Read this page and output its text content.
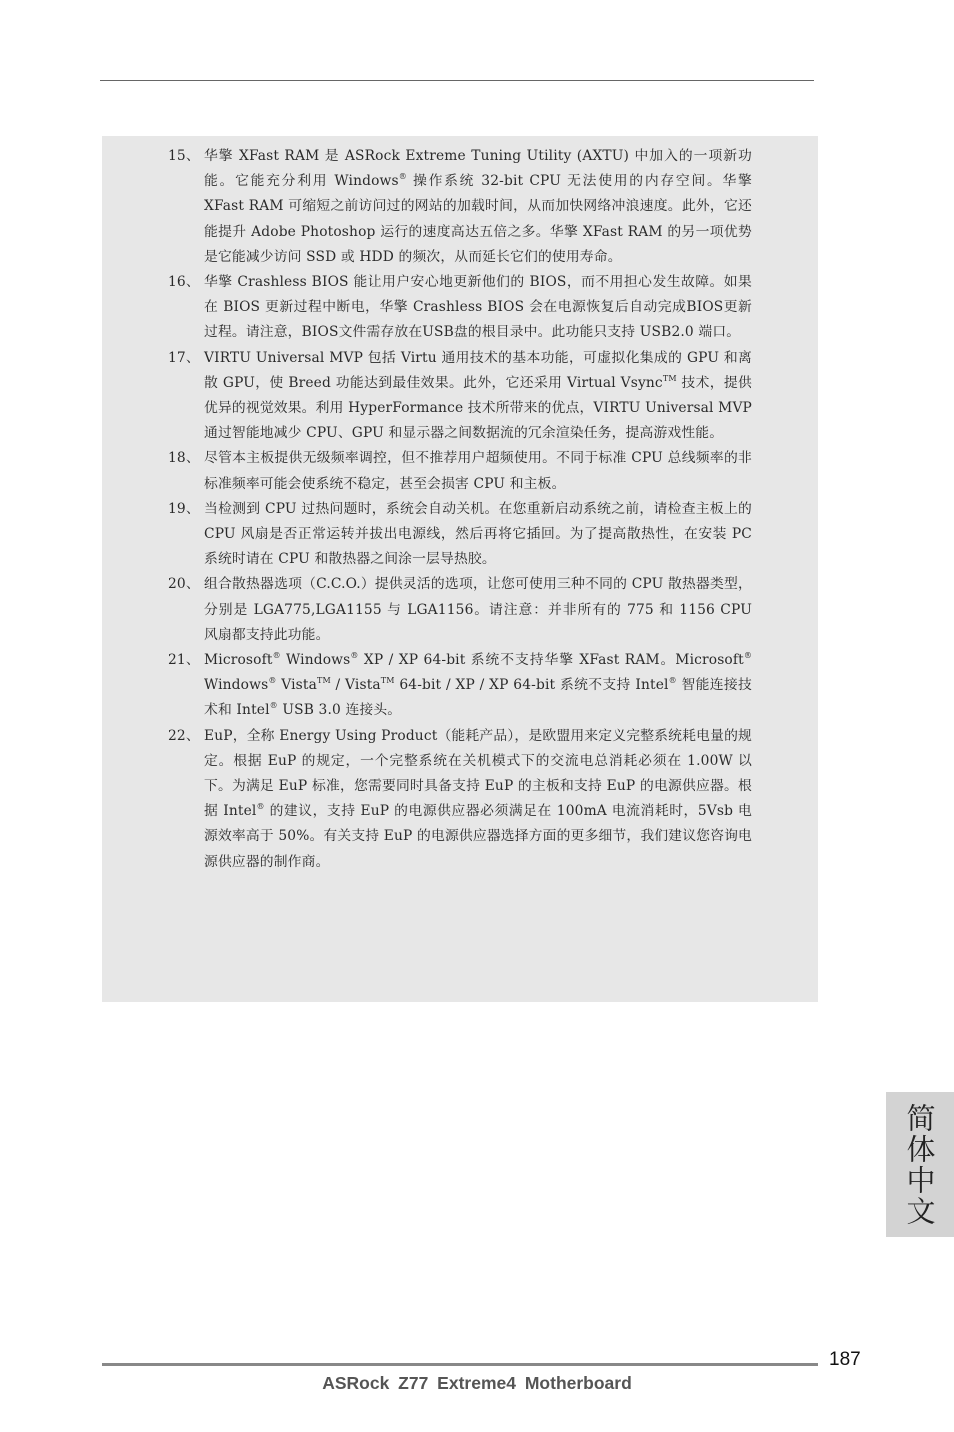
15、 华擎 XFast RAM 是 ASRock Extreme Tuning Utility (AXTU) 中加入的一项新功能。它能充分利用 Windows® 操作系统 32-bit CPU 无法使用的内存空间。华擎 XFast RAM 可缩短之前访问过的网站的加载时间，从而加快网络冲浪速度。此外，它还能提升 Adobe Photoshop 运行的速度高达五倍之多。华擎 XFast RAM 的另一项优势是它能减少访问 SSD 或 HDD 的频次，从而延长它们的使用寿命。
16、 华擎 Crashless BIOS 能让用户安心地更新他们的 BIOS，而不用担心发生故障。如果在 BIOS 更新过程中断电，华擎 Crashless BIOS 会在电源恢复后自动完成BIOS更新过程。请注意，BIOS文件需存放在USB盘的根目录中。此功能只支持 USB2.0 端口。
17、 VIRTU Universal MVP 包括 Virtu 通用技术的基本功能，可虚拟化集成的 GPU 和离散 GPU，使 Breed 功能达到最佳效果。此外，它还采用 Virtual Vsync™ 技术，提供优异的视觉效果。利用 HyperFormance 技术所带来的优点，VIRTU Universal MVP 通过智能地减少 CPU、GPU 和显示器之间数据流的冗余渲染任务，提高游戏性能。
18、 尽管本主板提供无级频率调控，但不推荐用户超频使用。不同于标准 CPU 总线频率的非标准频率可能会使系统不稳定，甚至会损害 CPU 和主板。
19、 当检测到 CPU 过热问题时，系统会自动关机。在您重新启动系统之前，请检查主板上的 CPU 风扇是否正常运转并拔出电源线，然后再将它插回。为了提高散热性，在安装 PC 系统时请在 CPU 和散热器之间涂一层导热胶。
20、 组合散热器选项（C.C.O.）提供灵活的选项，让您可使用三种不同的 CPU 散热器类型，分别是 LGA775,LGA1155 与 LGA1156。请注意：并非所有的 775 和 1156 CPU 风扇都支持此功能。
21、 Microsoft® Windows® XP / XP 64-bit 系统不支持华擎 XFast RAM。Microsoft® Windows® Vista™ / Vista™ 64-bit / XP / XP 64-bit 系统不支持 Intel® 智能连接技术和 Intel® USB 3.0 连接头。
22、 EuP，全称 Energy Using Product（能耗产品），是欧盟用来定义完整系统耗电量的规定。根据 EuP 的规定，一个完整系统在关机模式下的交流电总消耗必须在 1.00W 以下。为满足 EuP 标准，您需要同时具备支持 EuP 的主板和支持 EuP 的电源供应器。根据 Intel® 的建议，支持 EuP 的电源供应器必须满足在 100mA 电流消耗时，5Vsb 电源效率高于 50%。有关支持 EuP 的电源供应器选择方面的更多细节，我们建议您咨询电源供应器的制作商。
简体中文
187
ASRock Z77 Extreme4 Motherboard
